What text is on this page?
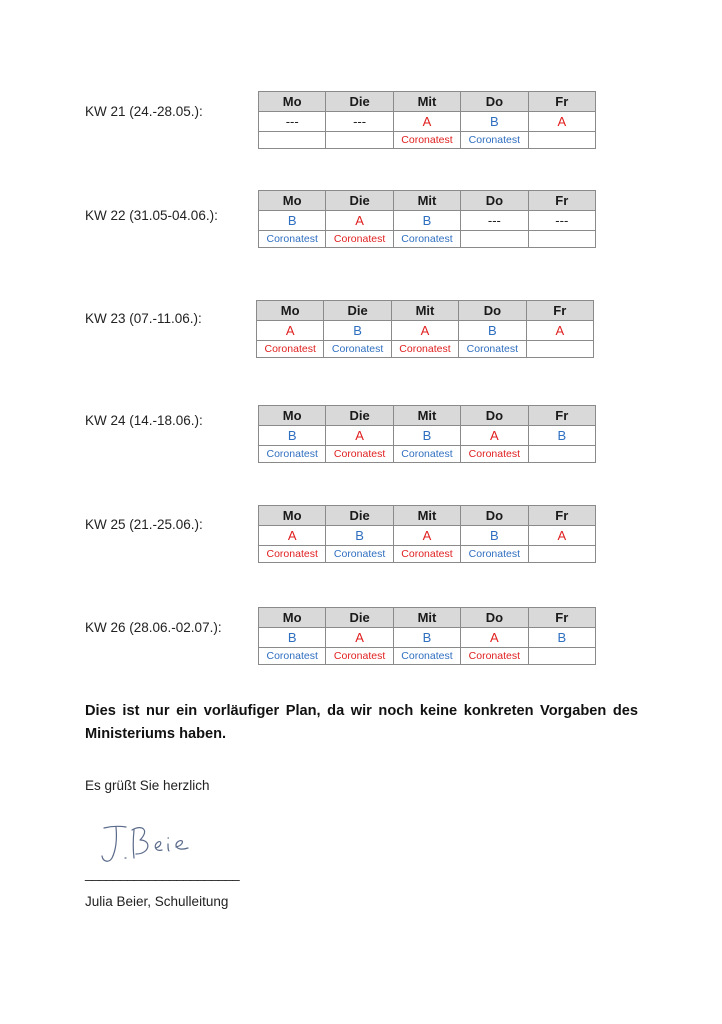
KW 21 (24.-28.05.):
Mo	Die	Mit	Do	Fr
---	---	A	B	A
		Coronatest	Coronatest	
KW 22 (31.05-04.06.):
Mo	Die	Mit	Do	Fr
B	A	B	---	---
Coronatest	Coronatest	Coronatest		
KW 23 (07.-11.06.):
Mo	Die	Mit	Do	Fr
A	B	A	B	A
Coronatest	Coronatest	Coronatest	Coronatest	
KW 24 (14.-18.06.):	Mo	Die	Mit	Do	Fr
B	A	B	A	B
Coronatest	Coronatest	Coronatest	Coronatest	
KW 25 (21.-25.06.):
Mo	Die	Mit	Do	Fr
A	B	A	B	A
Coronatest	Coronatest	Coronatest	Coronatest	
KW 26 (28.06.-02.07.):
Mo	Die	Mit	Do	Fr
B	A	B	A	B
Coronatest	Coronatest	Coronatest	Coronatest	
Dies ist nur ein vorläufiger Plan, da wir noch keine konkreten Vorgaben des Ministeriums haben.
Es grüßt Sie herzlich
______________________
Julia Beier, Schulleitung
